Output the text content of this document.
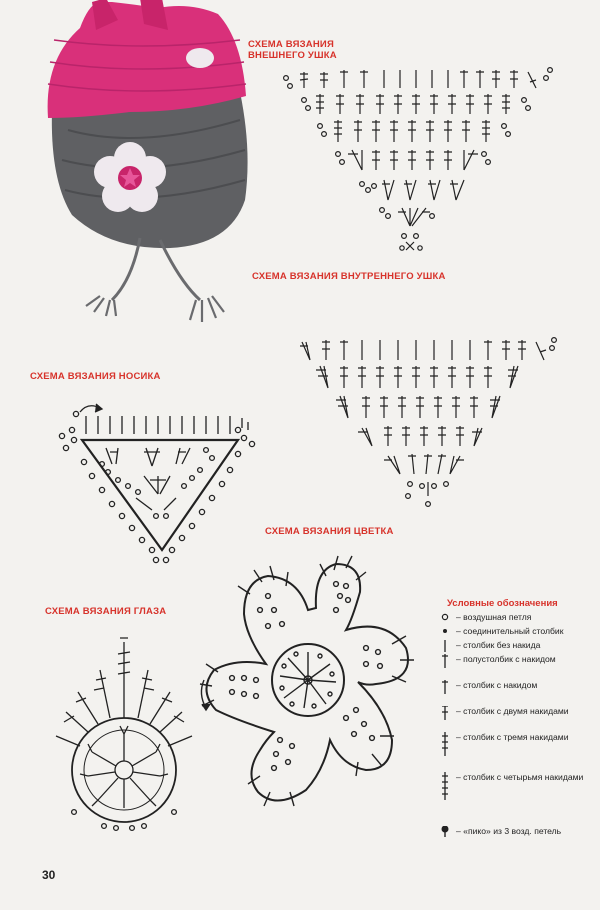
СХЕМА ВЯЗАНИЯ
ВНЕШНЕГО УШКА
СХЕМА ВЯЗАНИЯ ВНУТРЕННЕГО УШКА
СХЕМА ВЯЗАНИЯ НОСИКА
СХЕМА ВЯЗАНИЯ ЦВЕТКА
СХЕМА ВЯЗАНИЯ ГЛАЗА
Условные обозначения
– воздушная петля
– соединительный столбик
– столбик без накида
– полустолбик с накидом
– столбик с накидом
– столбик с двумя накидами
– столбик с тремя накидами
– столбик с четырьмя накидами
– «пико» из 3 возд. петель
30
